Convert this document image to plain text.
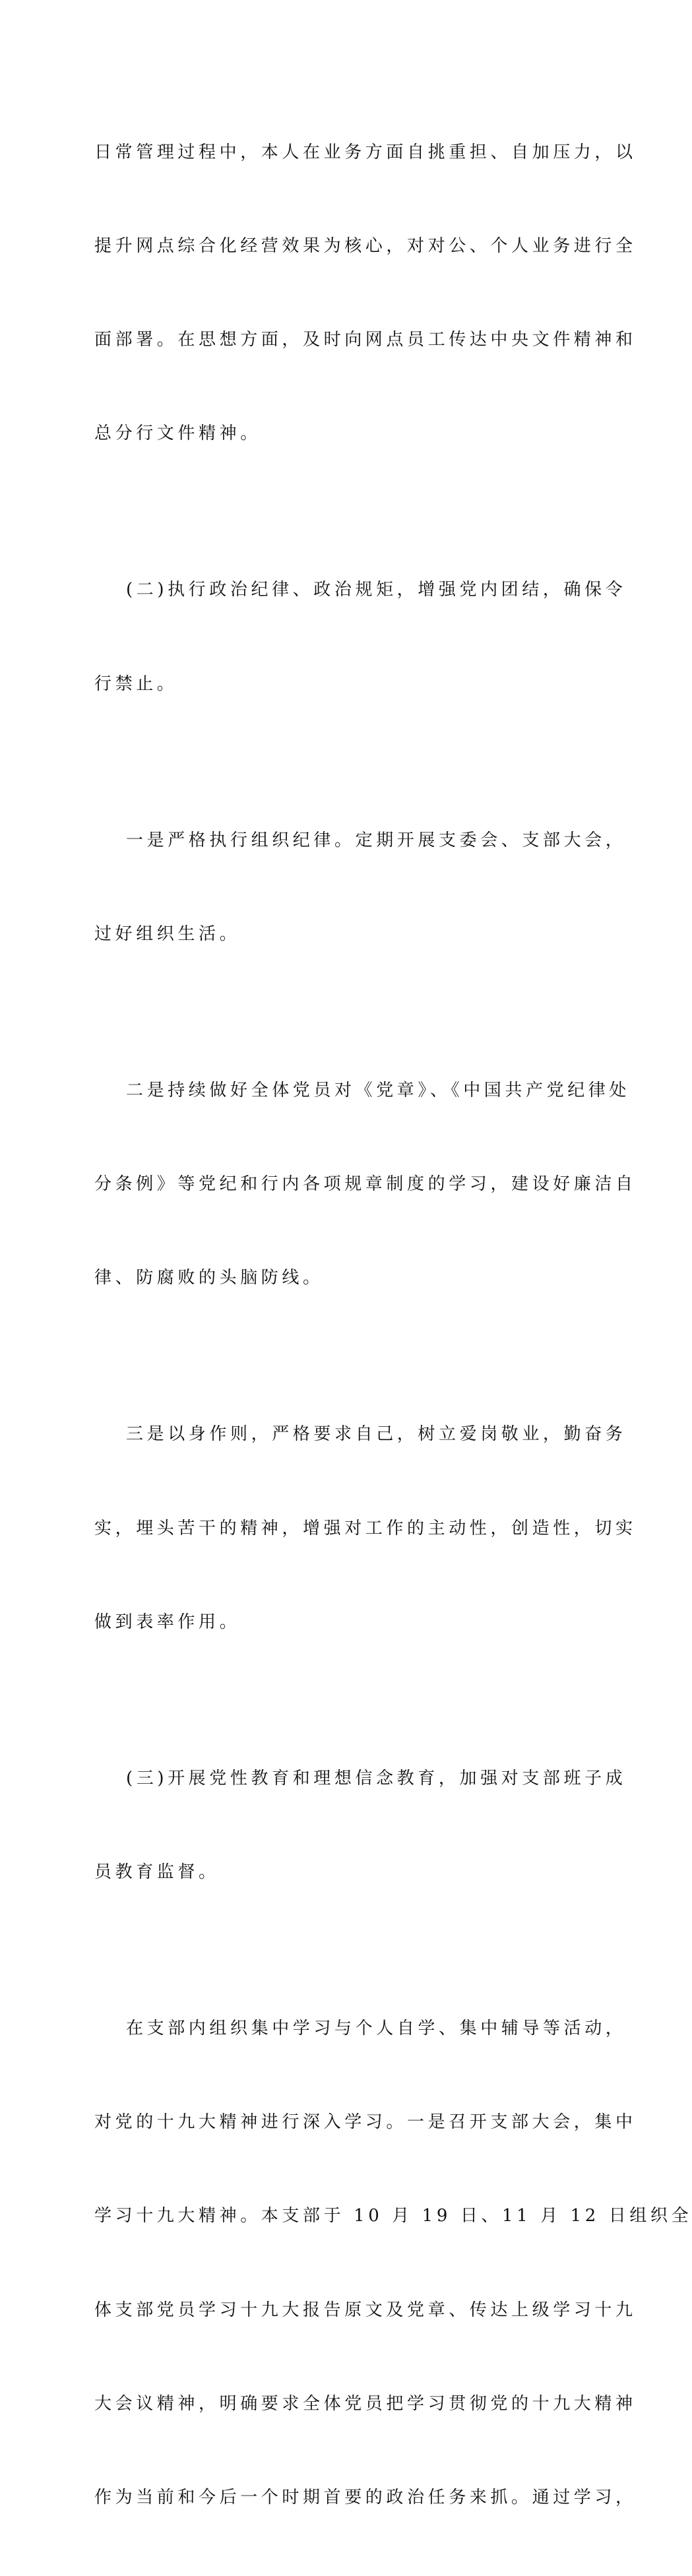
日常管理过程中，本人在业务方面自挑重担、自加压力，以

提升网点综合化经营效果为核心，对对公、个人业务进行全

面部署。在思想方面，及时向网点员工传达中央文件精神和

总分行文件精神。

(二)执行政治纪律、政治规矩，增强党内团结，确保令

行禁止。

一是严格执行组织纪律。定期开展支委会、支部大会，

过好组织生活。

二是持续做好全体党员对《党章》、《中国共产党纪律处

分条例》等党纪和行内各项规章制度的学习，建设好廉洁自

律、防腐败的头脑防线。

三是以身作则，严格要求自己，树立爱岗敬业，勤奋务

实，埋头苦干的精神，增强对工作的主动性，创造性，切实

做到表率作用。

(三)开展党性教育和理想信念教育，加强对支部班子成

员教育监督。

在支部内组织集中学习与个人自学、集中辅导等活动，

对党的十九大精神进行深入学习。一是召开支部大会，集中

学习十九大精神。本支部于 10 月 19 日、11 月 12 日组织全

体支部党员学习十九大报告原文及党章、传达上级学习十九

大会议精神，明确要求全体党员把学习贯彻党的十九大精神

作为当前和今后一个时期首要的政治任务来抓。通过学习，
